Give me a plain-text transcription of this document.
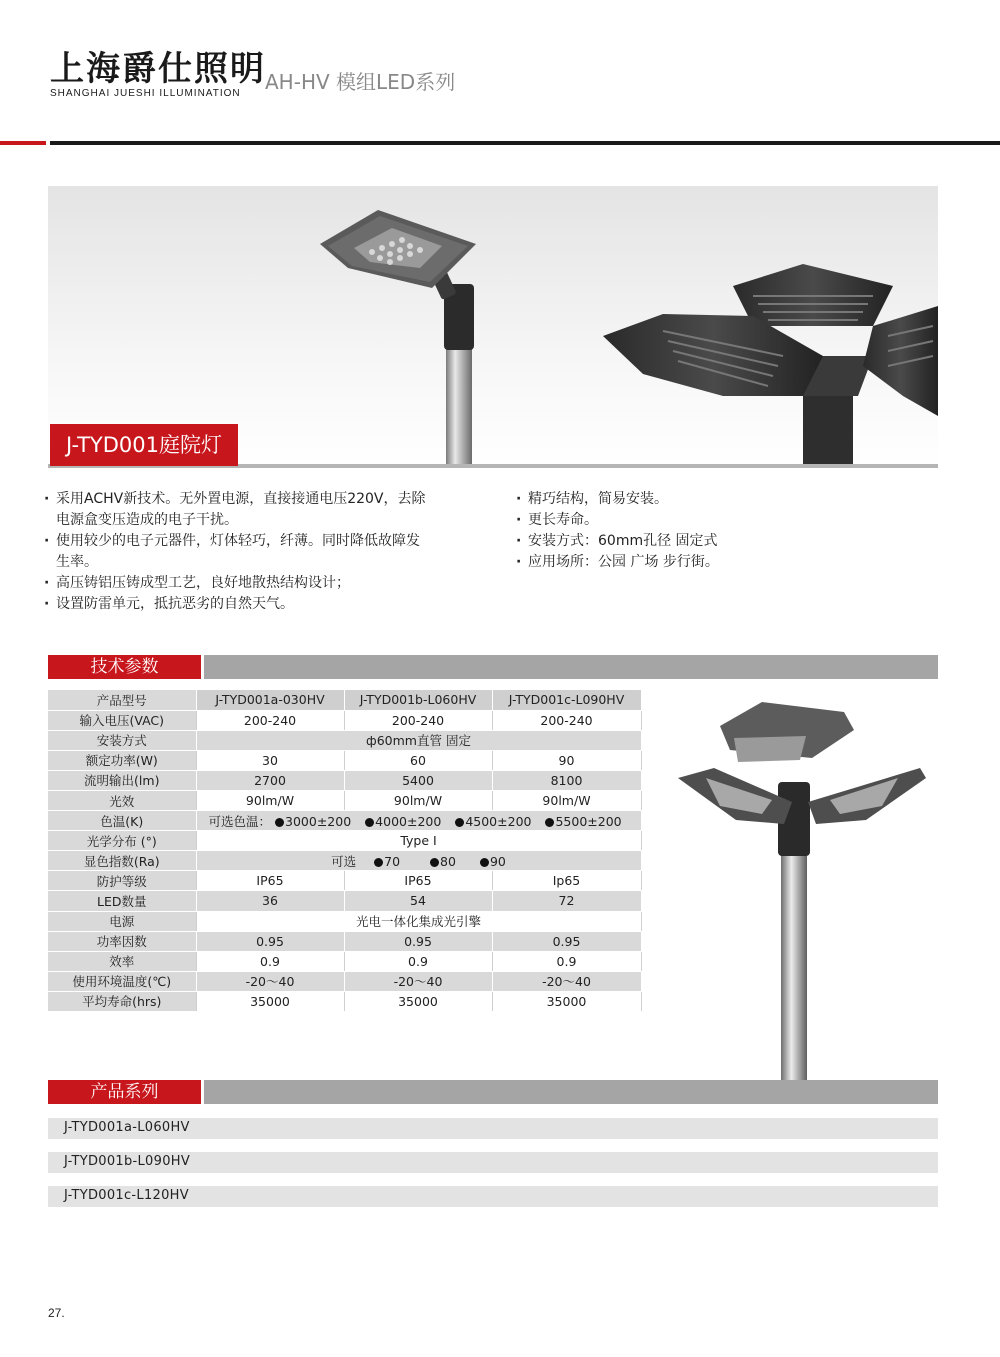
上海爵仕照明
SHANGHAI JUESHI ILLUMINATION AH-HV 模组LED系列
J-TYD001庭院灯
· 采用ACHV新技术。无外置电源，直接接通电压220V，去除
电源盒变压造成的电子干扰。
· 使用较少的电子元器件，灯体轻巧，纤薄。同时降低故障发
生率。
· 高压铸铝压铸成型工艺，良好地散热结构设计；
· 设置防雷单元，抵抗恶劣的自然天气。
· 精巧结构，简易安装。
· 更长寿命。
· 安装方式：60mm孔径 固定式
· 应用场所：公园 广场 步行街。
技术参数
产品型号	J-TYD001a-030HV	J-TYD001b-L060HV	J-TYD001c-L090HV
输入电压(VAC)	200-240	200-240	200-240
安装方式	ф60mm直管 固定		
额定功率(W)	30	60	90
流明输出(lm)	2700	5400	8100
光效	90lm/W	90lm/W	90lm/W
色温(K)	可选色温： 3000±200 4000±200 4500±200 5500±200		
光学分布 (°)	Type I		
显色指数(Ra)	可选 70 80 90		
防护等级	IP65	IP65	Ip65
LED数量	36	54	72
电源	光电一体化集成光引擎		
功率因数	0.95	0.95	0.95
效率	0.9	0.9	0.9
使用环境温度(℃)	-20～40	-20～40	-20～40
平均寿命(hrs)	35000	35000	35000
产品系列
J-TYD001a-L060HV
J-TYD001b-L090HV
J-TYD001c-L120HV
27.
